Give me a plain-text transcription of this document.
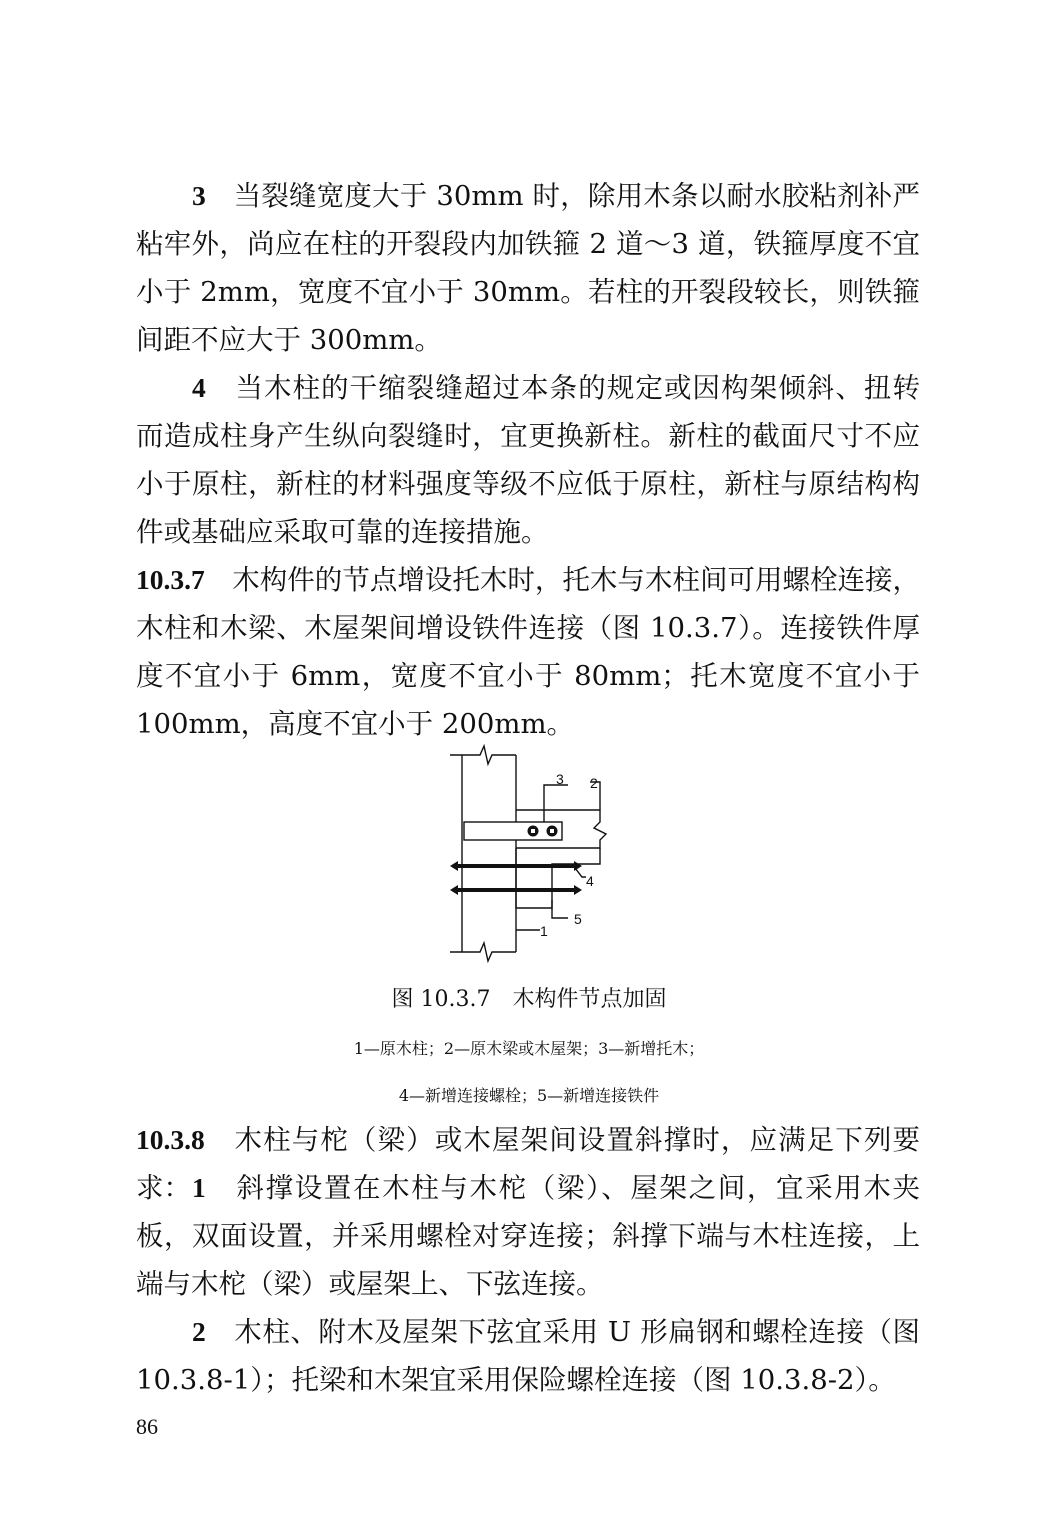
3　 当裂缝宽度大于 30mm 时，除用木条以耐水胶粘剂补严粘牢外，尚应在柱的开裂段内加铁箍 2 道～3 道，铁箍厚度不宜小于 2mm，宽度不宜小于 30mm。若柱的开裂段较长，则铁箍间距不应大于 300mm。

4　 当木柱的干缩裂缝超过本条的规定或因构架倾斜、扭转而造成柱身产生纵向裂缝时，宜更换新柱。新柱的截面尺寸不应小于原柱，新柱的材料强度等级不应低于原柱，新柱与原结构构件或基础应采取可靠的连接措施。

10.3.7　 木构件的节点增设托木时，托木与木柱间可用螺栓连接，木柱和木梁、木屋架间增设铁件连接（图 10.3.7）。连接铁件厚度不宜小于 6mm，宽度不宜小于 80mm；托木宽度不宜小于 100mm，高度不宜小于 200mm。

3 2
4
5
1

图 10.3.7　木构件节点加固

1—原木柱；2—原木梁或木屋架；3—新增托木；

4—新增连接螺栓；5—新增连接铁件

10.3.8　 木柱与柁（梁）或木屋架间设置斜撑时，应满足下列要求： 1　 斜撑设置在木柱与木柁（梁）、屋架之间，宜采用木夹板，双面设置，并采用螺栓对穿连接；斜撑下端与木柱连接，上端与木柁（梁）或屋架上、下弦连接。

2　 木柱、附木及屋架下弦宜采用 U 形扁钢和螺栓连接（图 10.3.8-1）；托梁和木架宜采用保险螺栓连接（图 10.3.8-2）。

86
